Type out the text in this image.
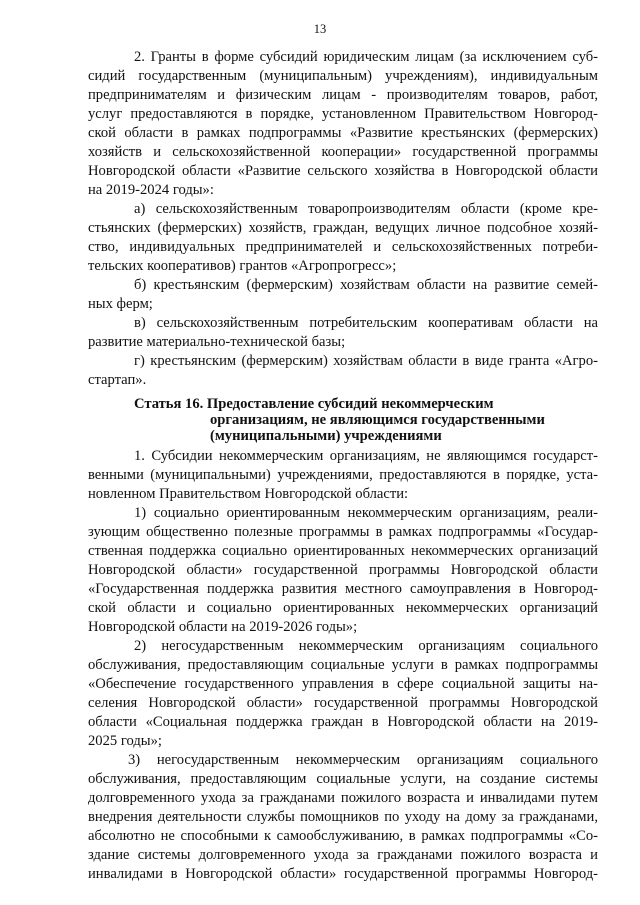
13
2. Гранты в форме субсидий юридическим лицам (за исключением суб-
сидий государственным (муниципальным) учреждениям), индивидуальным
предпринимателям и физическим лицам - производителям товаров, работ,
услуг предоставляются в порядке, установленном Правительством Новгород-
ской области в рамках подпрограммы «Развитие крестьянских (фермерских)
хозяйств и сельскохозяйственной кооперации» государственной программы
Новгородской области «Развитие сельского хозяйства в Новгородской области
на 2019-2024 годы»:
а) сельскохозяйственным товаропроизводителям области (кроме кре-
стьянских (фермерских) хозяйств, граждан, ведущих личное подсобное хозяй-
ство, индивидуальных предпринимателей и сельскохозяйственных потреби-
тельских кооперативов) грантов «Агропрогресс»;
б) крестьянским (фермерским) хозяйствам области на развитие семей-
ных ферм;
в) сельскохозяйственным потребительским кооперативам области на
развитие материально-технической базы;
г) крестьянским (фермерским) хозяйствам области в виде гранта «Агро-
стартап».
Статья 16. Предоставление субсидий некоммерческим
организациям, не являющимся государственными
(муниципальными) учреждениями
1. Субсидии некоммерческим организациям, не являющимся государст-
венными (муниципальными) учреждениями, предоставляются в порядке, уста-
новленном Правительством Новгородской области:
1) социально ориентированным некоммерческим организациям, реали-
зующим общественно полезные программы в рамках подпрограммы «Государ-
ственная поддержка социально ориентированных некоммерческих организаций
Новгородской области» государственной программы Новгородской области
«Государственная поддержка развития местного самоуправления в Новгород-
ской области и социально ориентированных некоммерческих организаций
Новгородской области на 2019-2026 годы»;
2) негосударственным некоммерческим организациям социального
обслуживания, предоставляющим социальные услуги в рамках подпрограммы
«Обеспечение государственного управления в сфере социальной защиты на-
селения Новгородской области» государственной программы Новгородской
области «Социальная поддержка граждан в Новгородской области на 2019-
2025 годы»;
3) негосударственным некоммерческим организациям социального
обслуживания, предоставляющим социальные услуги, на создание системы
долговременного ухода за гражданами пожилого возраста и инвалидами путем
внедрения деятельности службы помощников по уходу на дому за гражданами,
абсолютно не способными к самообслуживанию, в рамках подпрограммы «Со-
здание системы долговременного ухода за гражданами пожилого возраста и
инвалидами в Новгородской области» государственной программы Новгород-
